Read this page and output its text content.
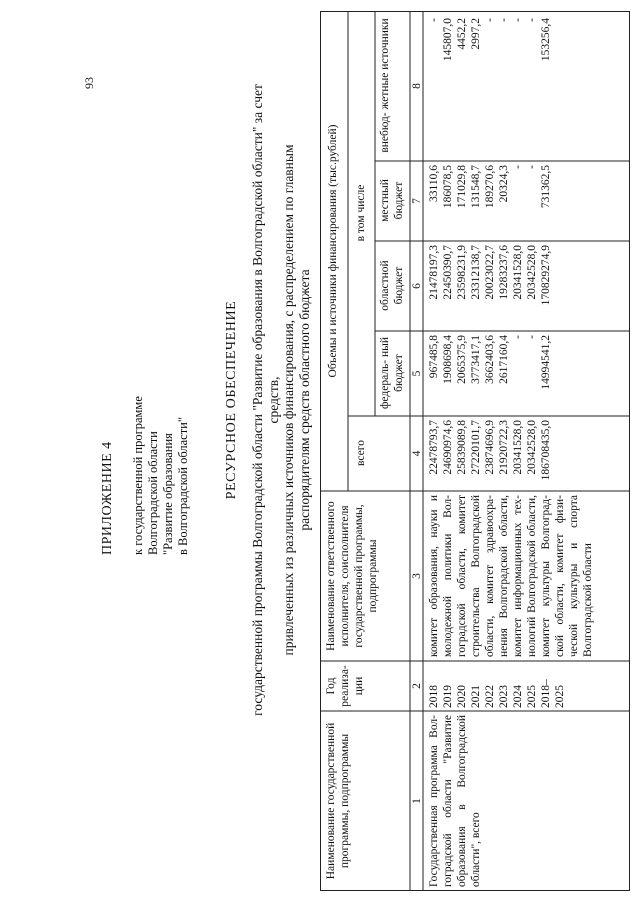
93
ПРИЛОЖЕНИЕ 4 к государственной программе Волгоградской области "Развитие образования в Волгоградской области" РЕСУРСНОЕ ОБЕСПЕЧЕНИЕ государственной программы Волгоградской области "Развитие образования в Волгоградской области" за счет средств, привлеченных из различных источников финансирования, с распределением по главным распорядителям средств областного бюджета
Наименование государственной программы, подпрограммы
Год реализа- ции
Наименование ответственного исполнителя, соисполнителя государственной программы, подпрограммы
Объемы и источники финансирования (тыс.рублей)
всего
в том числе
федераль- ный бюджет
областной бюджет
местный бюджет
внебюд- жетные источники
1
2
3
4
5
6
7
8
Государственная программа Вол- гоградской области "Развитие образования в Волгоградской области", всего
комитет образования, науки и молодежной политики Вол- гоградской области, комитет строительства Волгоградской области, комитет здравоохра- нения Волгоградской области, комитет информационных тех- нологий Волгоградской области, комитет культуры Волгоград- ской области, комитет физи- ческой культуры и спорта Волгоградской области
2018
22478793,7
967485,8
21478197,3
33110,6
-
2019
24690974,6
1908698,4
22450390,7
186078,5
145807,0
2020
25839089,8
2065375,9
23598231,9
171029,8
4452,2
2021
27220101,7
3773417,1
23312138,7
131548,7
2997,2
2022
23874696,9
3662403,6
20023022,7
189270,6
-
2023
21920722,3
2617160,4
19283237,6
20324,3
-
2024
20341528,0
-
20341528,0
-
-
2025
20342528,0
-
20342528,0
-
-
2018–2025
186708435,0
14994541,2
170829274,9
731362,5
153256,4
